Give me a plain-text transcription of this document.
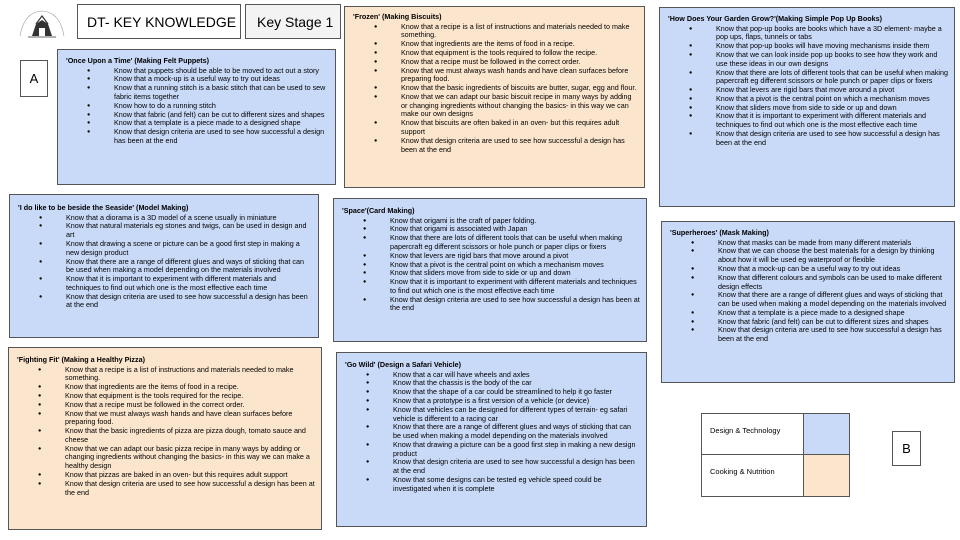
DT- KEY KNOWLEDGE Key Stage 1
A
'Once Upon a Time' (Making Felt Puppets)
● Know that puppets should be able to be moved to act out a story
● Know that a mock-up is a useful way to try out ideas
● Know that a running stitch is a basic stitch that can be used to sew fabric items together
● Know how to do a running stitch
● Know that fabric (and felt) can be cut to different sizes and shapes
● Know that a template is a piece made to a designed shape
● Know that design criteria are used to see how successful a design has been at the end
'I do like to be beside the Seaside' (Model Making)
● Know that a diorama is a 3D model of a scene usually in miniature
● Know that natural materials eg stones and twigs, can be used in design and art
● Know that drawing a scene or picture can be a good first step in making a new design product
● Know that there are a range of different glues and ways of sticking that can be used when making a model depending on the materials involved
● Know that it is important to experiment with different materials and techniques to find out which one is the most effective each time
● Know that design criteria are used to see how successful a design has been at the end
'Fighting Fit' (Making a Healthy Pizza)
● Know that a recipe is a list of instructions and materials needed to make something.
● Know that ingredients are the items of food in a recipe.
● Know that equipment is the tools required for the recipe.
● Know that a recipe must be followed in the correct order.
● Know that we must always wash hands and have clean surfaces before preparing food.
● Know that the basic ingredients of pizza are pizza dough, tomato sauce and cheese
● Know that we can adapt our basic pizza recipe in many ways by adding or changing ingredients without changing the basics- in this way we can make a healthy design
● Know that pizzas are baked in an oven- but this requires adult support
● Know that design criteria are used to see how successful a design has been at the end
'Frozen' (Making Biscuits)
● Know that a recipe is a list of instructions and materials needed to make something.
● Know that ingredients are the items of food in a recipe.
● Know that equipment is the tools required to follow the recipe.
● Know that a recipe must be followed in the correct order.
● Know that we must always wash hands and have clean surfaces before preparing food.
● Know that the basic ingredients of biscuits are butter, sugar, egg and flour.
● Know that we can adapt our basic biscuit recipe in many ways by adding or changing ingredients without changing the basics- in this way we can make our own designs
● Know that biscuits are often baked in an oven- but this requires adult support
● Know that design criteria are used to see how successful a design has been at the end
'Space'(Card Making)
● Know that origami is the craft of paper folding.
● Know that origami is associated with Japan
● Know that there are lots of different tools that can be useful when making papercraft eg different scissors or hole punch or paper clips or fixers
● Know that levers are rigid bars that move around a pivot
● Know that a pivot is the central point on which a mechanism moves
● Know that sliders move from side to side or up and down
● Know that it is important to experiment with different materials and techniques to find out which one is the most effective each time
● Know that design criteria are used to see how successful a design has been at the end
'Go Wild' (Design a Safari Vehicle)
● Know that a car will have wheels and axles
● Know that the chassis is the body of the car
● Know that the shape of a car could be streamlined to help it go faster
● Know that a prototype is a first version of a vehicle (or device)
● Know that vehicles can be designed for different types of terrain- eg safari vehicle is different to a racing car
● Know that there are a range of different glues and ways of sticking that can be used when making a model depending on the materials involved
● Know that drawing a picture can be a good first step in making a new design product
● Know that design criteria are used to see how successful a design has been at the end
● Know that some designs can be tested eg vehicle speed could be investigated when it is complete
'How Does Your Garden Grow?'(Making Simple Pop Up Books)
● Know that pop-up books are books which have a 3D element- maybe a pop ups, flaps, tunnels or tabs
● Know that pop-up books will have moving mechanisms inside them
● Know that we can look inside pop up books to see how they work and use these ideas in our own designs
● Know that there are lots of different tools that can be useful when making papercraft eg different scissors or hole punch or paper clips or fixers
● Know that levers are rigid bars that move around a pivot
● Know that a pivot is the central point on which a mechanism moves
● Know that sliders move from side to side or up and down
● Know that it is important to experiment with different materials and techniques to find out which one is the most effective each time
● Know that design criteria are used to see how successful a design has been at the end
'Superheroes' (Mask Making)
● Know that masks can be made from many different materials
● Know that we can choose the best materials for a design by thinking about how it will be used eg waterproof or flexible
● Know that a mock-up can be a useful way to try out ideas
● Know that different colours and symbols can be used to make different design effects
● Know that there are a range of different glues and ways of sticking that can be used when making a model depending on the materials involved
● Know that a template is a piece made to a designed shape
● Know that fabric (and felt) can be cut to different sizes and shapes
● Know that design criteria are used to see how successful a design has been at the end
Design & Technology
Cooking & Nutrition
B
